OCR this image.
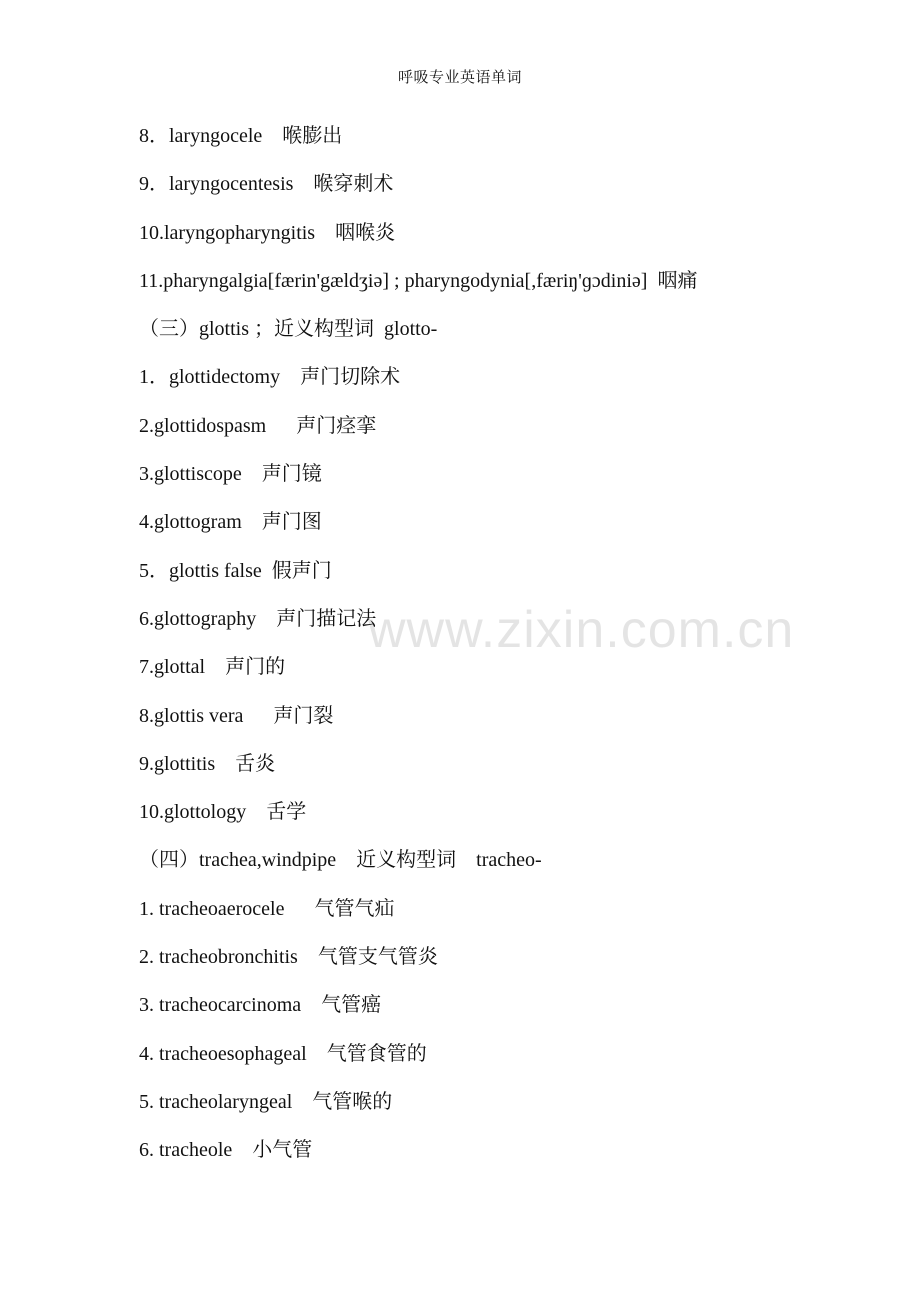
呼吸专业英语单词
8．laryngocele　喉膨出
9．laryngocentesis　喉穿刺术
10.laryngopharyngitis　咽喉炎
11.pharyngalgia[færin'gældʒiə] ; pharyngodynia[,færiŋ'ɡɔdiniə]  咽痛
（三）glottis ；近义构型词  glotto-
1．glottidectomy　声门切除术
2.glottidospasm　  声门痉挛
3.glottiscope　声门镜
4.glottogram　声门图
5．glottis false  假声门
6.glottography　声门描记法
7.glottal　声门的
8.glottis vera　  声门裂
9.glottitis　舌炎
10.glottology　舌学
（四）trachea,windpipe　近义构型词　tracheo-
1. tracheoaerocele　  气管气疝
2. tracheobronchitis　气管支气管炎
3. tracheocarcinoma　气管癌
4. tracheoesophageal　气管食管的
5. tracheolaryngeal　气管喉的
6. tracheole　小气管
www.zixin.com.cn
